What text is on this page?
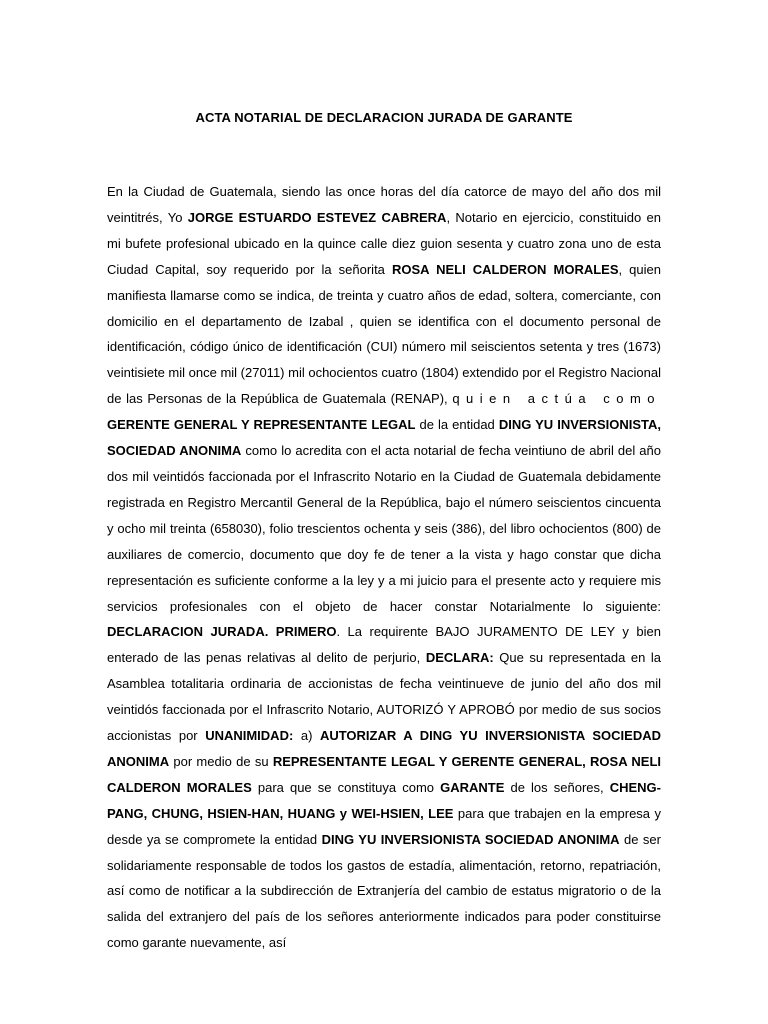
ACTA NOTARIAL DE DECLARACION JURADA DE GARANTE

En la Ciudad de Guatemala, siendo las once horas del día catorce de mayo del año dos mil veintitrés, Yo JORGE ESTUARDO ESTEVEZ CABRERA, Notario en ejercicio, constituido en mi bufete profesional ubicado en la quince calle diez guion sesenta y cuatro zona uno de esta Ciudad Capital, soy requerido por la señorita ROSA NELI CALDERON MORALES, quien manifiesta llamarse como se indica, de treinta y cuatro años de edad, soltera, comerciante, con domicilio en el departamento de Izabal , quien se identifica con el documento personal de identificación, código único de identificación (CUI) número mil seiscientos setenta y tres (1673) veintisiete mil once mil (27011) mil ochocientos cuatro (1804) extendido por el Registro Nacional de las Personas de la República de Guatemala (RENAP), quien actúa como GERENTE GENERAL Y REPRESENTANTE LEGAL de la entidad DING YU INVERSIONISTA, SOCIEDAD ANONIMA como lo acredita con el acta notarial de fecha veintiuno de abril del año dos mil veintidós faccionada por el Infrascrito Notario en la Ciudad de Guatemala debidamente registrada en Registro Mercantil General de la República, bajo el número seiscientos cincuenta y ocho mil treinta (658030), folio trescientos ochenta y seis (386), del libro ochocientos (800) de auxiliares de comercio, documento que doy fe de tener a la vista y hago constar que dicha representación es suficiente conforme a la ley y a mi juicio para el presente acto y requiere mis servicios profesionales con el objeto de hacer constar Notarialmente lo siguiente: DECLARACION JURADA. PRIMERO. La requirente BAJO JURAMENTO DE LEY y bien enterado de las penas relativas al delito de perjurio, DECLARA: Que su representada en la Asamblea totalitaria ordinaria de accionistas de fecha veintinueve de junio del año dos mil veintidós faccionada por el Infrascrito Notario, AUTORIZÓ Y APROBÓ por medio de sus socios accionistas por UNANIMIDAD: a) AUTORIZAR A DING YU INVERSIONISTA SOCIEDAD ANONIMA por medio de su REPRESENTANTE LEGAL Y GERENTE GENERAL, ROSA NELI CALDERON MORALES para que se constituya como GARANTE de los señores, CHENG-PANG, CHUNG, HSIEN-HAN, HUANG y WEI-HSIEN, LEE para que trabajen en la empresa y desde ya se compromete la entidad DING YU INVERSIONISTA SOCIEDAD ANONIMA de ser solidariamente responsable de todos los gastos de estadía, alimentación, retorno, repatriación, así como de notificar a la subdirección de Extranjería del cambio de estatus migratorio o de la salida del extranjero del país de los señores anteriormente indicados para poder constituirse como garante nuevamente, así
